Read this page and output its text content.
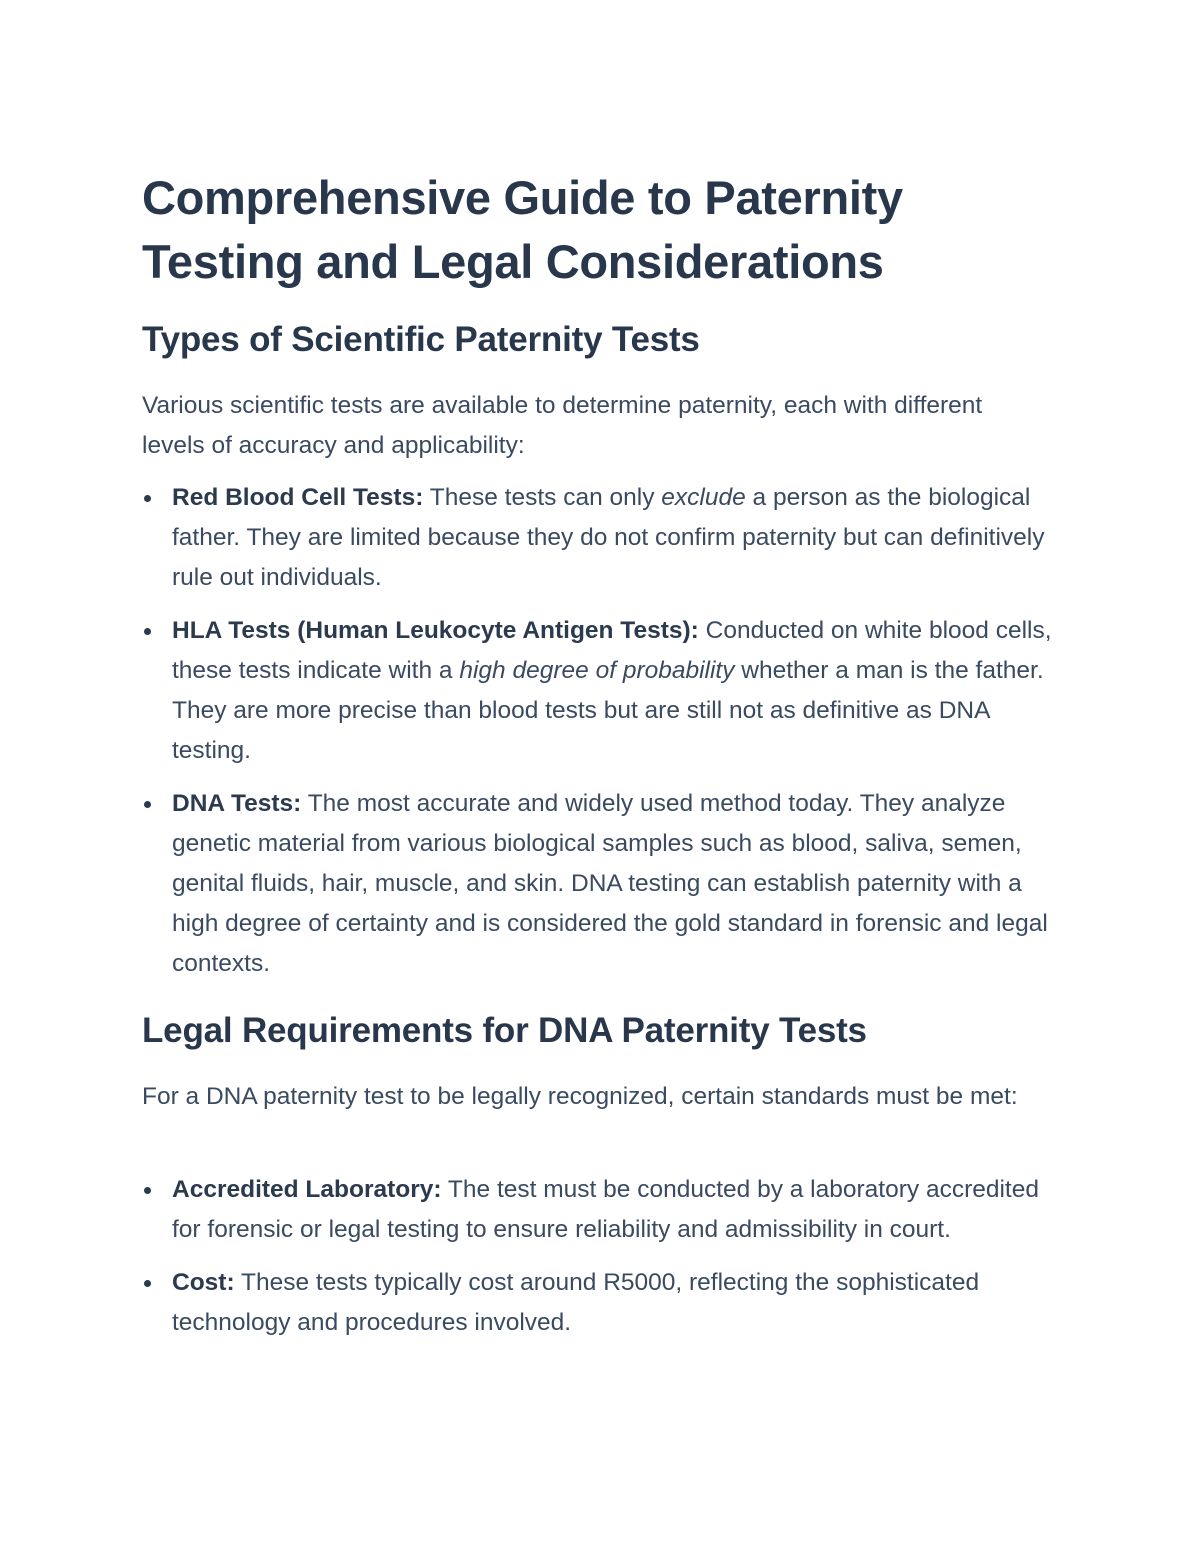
Comprehensive Guide to Paternity Testing and Legal Considerations
Types of Scientific Paternity Tests

Various scientific tests are available to determine paternity, each with different levels of accuracy and applicability:

Red Blood Cell Tests: These tests can only exclude a person as the biological father. They are limited because they do not confirm paternity but can definitively rule out individuals.
HLA Tests (Human Leukocyte Antigen Tests): Conducted on white blood cells, these tests indicate with a high degree of probability whether a man is the father. They are more precise than blood tests but are still not as definitive as DNA testing.
DNA Tests: The most accurate and widely used method today. They analyze genetic material from various biological samples such as blood, saliva, semen, genital fluids, hair, muscle, and skin. DNA testing can establish paternity with a high degree of certainty and is considered the gold standard in forensic and legal contexts.
Legal Requirements for DNA Paternity Tests

For a DNA paternity test to be legally recognized, certain standards must be met:

Accredited Laboratory: The test must be conducted by a laboratory accredited for forensic or legal testing to ensure reliability and admissibility in court.
Cost: These tests typically cost around R5000, reflecting the sophisticated technology and procedures involved.
